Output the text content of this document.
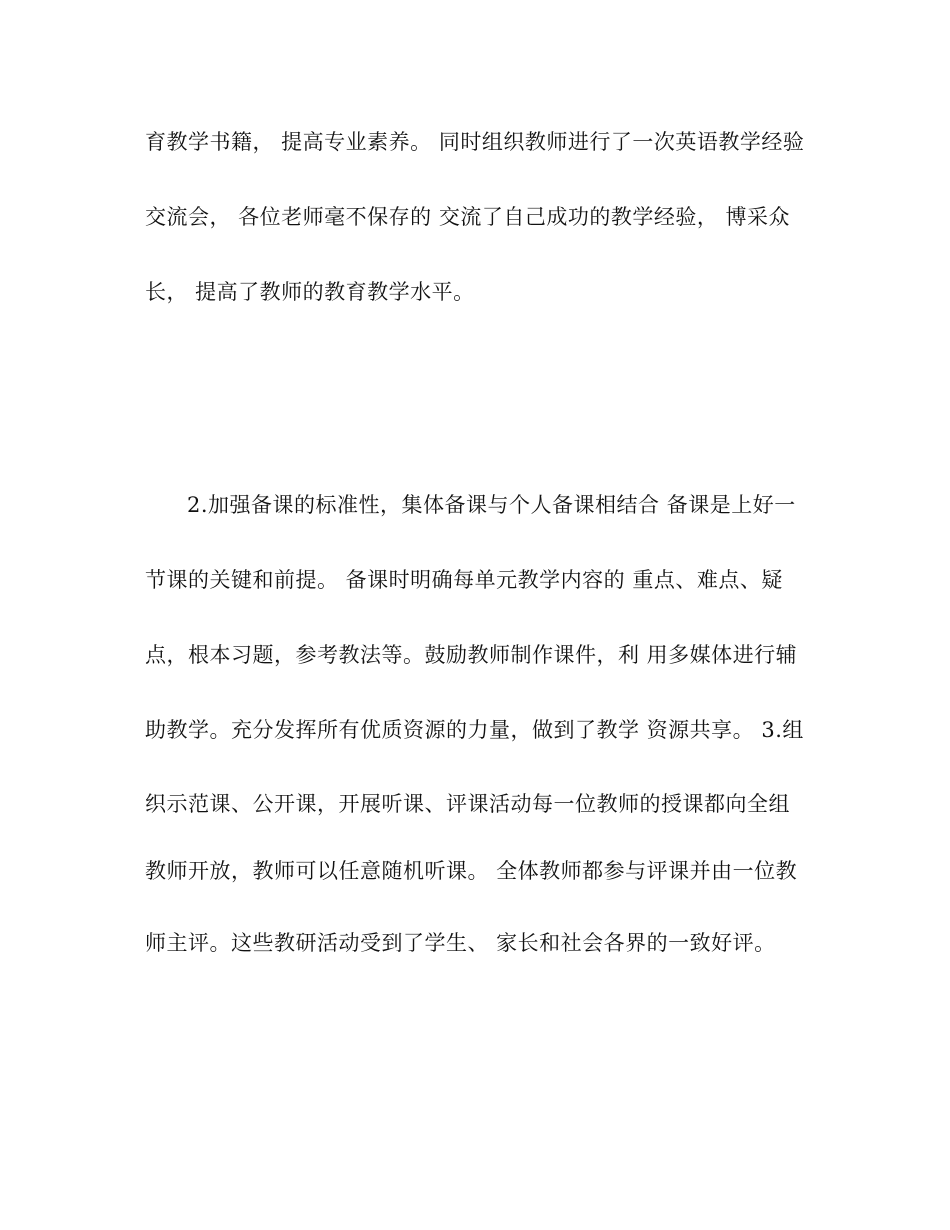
育教学书籍， 提高专业素养。 同时组织教师进行了一次英语教学经验
交流会， 各位老师毫不保存的 交流了自己成功的教学经验， 博采众
长， 提高了教师的教育教学水平。
2.加强备课的标准性，集体备课与个人备课相结合 备课是上好一
节课的关键和前提。 备课时明确每单元教学内容的 重点、难点、疑
点，根本习题，参考教法等。鼓励教师制作课件，利 用多媒体进行辅
助教学。充分发挥所有优质资源的力量，做到了教学 资源共享。 3.组
织示范课、公开课，开展听课、评课活动每一位教师的授课都向全组
教师开放，教师可以任意随机听课。 全体教师都参与评课并由一位教
师主评。这些教研活动受到了学生、 家长和社会各界的一致好评。
